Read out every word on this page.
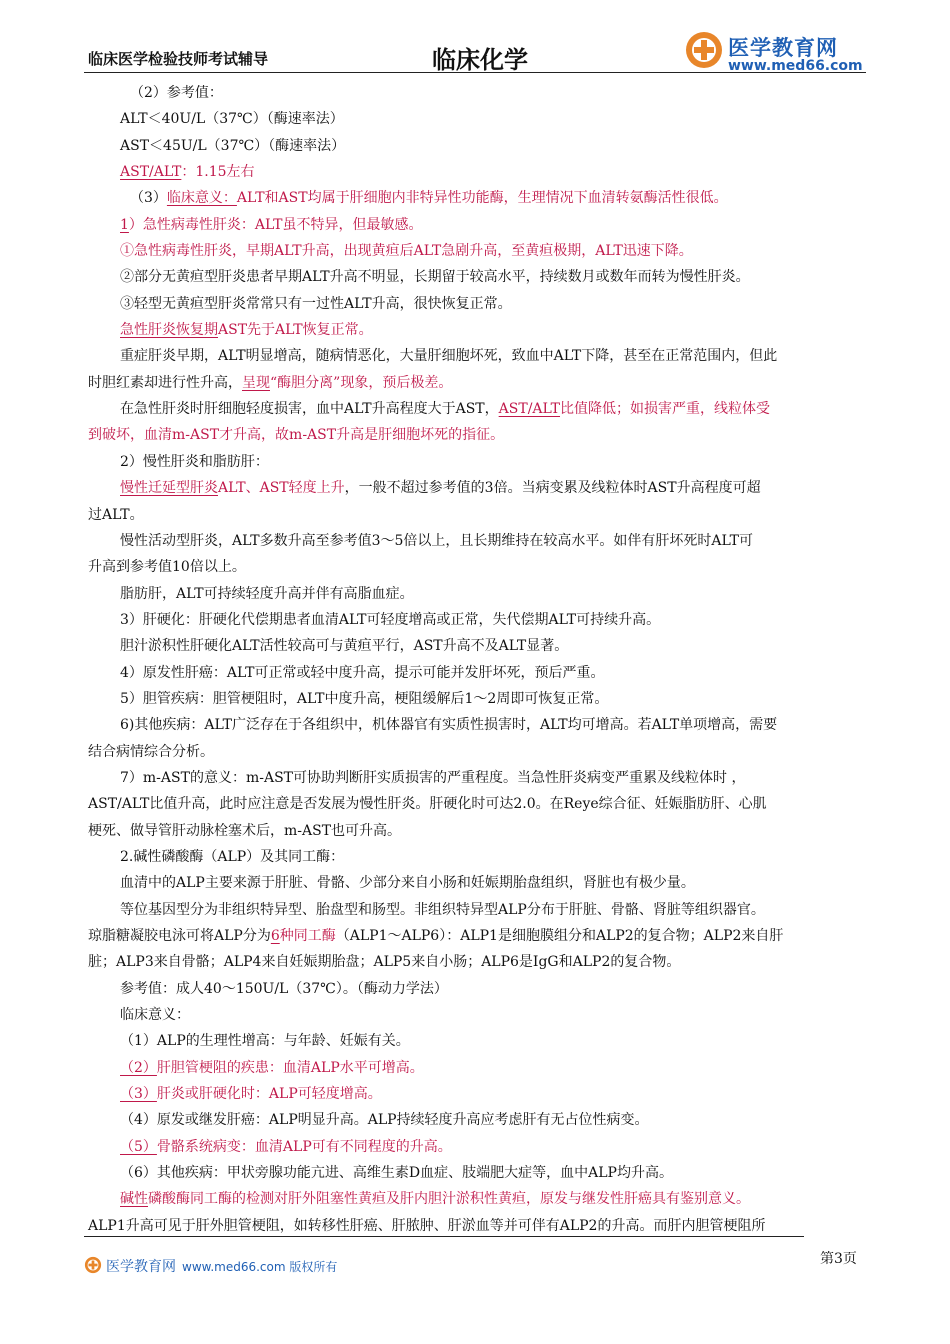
临床医学检验技师考试辅导	临床化学	医学教育网
www.med66.com
（2）参考值：
ALT＜40U/L（37℃）（酶速率法）
AST＜45U/L（37℃）（酶速率法）
AST/ALT：1.15左右
（3）临床意义：ALT和AST均属于肝细胞内非特异性功能酶，生理情况下血清转氨酶活性很低。
1）急性病毒性肝炎：ALT虽不特异，但最敏感。
①急性病毒性肝炎，早期ALT升高，出现黄疸后ALT急剧升高，至黄疸极期，ALT迅速下降。
②部分无黄疸型肝炎患者早期ALT升高不明显，长期留于较高水平，持续数月或数年而转为慢性肝炎。
③轻型无黄疸型肝炎常常只有一过性ALT升高，很快恢复正常。
急性肝炎恢复期AST先于ALT恢复正常。
重症肝炎早期，ALT明显增高，随病情恶化，大量肝细胞坏死，致血中ALT下降，甚至在正常范围内，但此
时胆红素却进行性升高，呈现“酶胆分离”现象，预后极差。
在急性肝炎时肝细胞轻度损害，血中ALT升高程度大于AST，AST/ALT比值降低；如损害严重，线粒体受
到破坏，血清m-AST才升高，故m-AST升高是肝细胞坏死的指征。
2）慢性肝炎和脂肪肝：
慢性迁延型肝炎ALT、AST轻度上升，一般不超过参考值的3倍。当病变累及线粒体时AST升高程度可超
过ALT。
慢性活动型肝炎，ALT多数升高至参考值3～5倍以上，且长期维持在较高水平。如伴有肝坏死时ALT可
升高到参考值10倍以上。
脂肪肝，ALT可持续轻度升高并伴有高脂血症。
3）肝硬化：肝硬化代偿期患者血清ALT可轻度增高或正常，失代偿期ALT可持续升高。
胆汁淤积性肝硬化ALT活性较高可与黄疸平行，AST升高不及ALT显著。
4）原发性肝癌：ALT可正常或轻中度升高，提示可能并发肝坏死，预后严重。
5）胆管疾病：胆管梗阻时，ALT中度升高，梗阻缓解后1～2周即可恢复正常。
6)其他疾病：ALT广泛存在于各组织中，机体器官有实质性损害时，ALT均可增高。若ALT单项增高，需要
结合病情综合分析。
7）m-AST的意义：m-AST可协助判断肝实质损害的严重程度。当急性肝炎病变严重累及线粒体时 ，
AST/ALT比值升高，此时应注意是否发展为慢性肝炎。肝硬化时可达2.0。在Reye综合征、妊娠脂肪肝、心肌
梗死、做导管肝动脉栓塞术后，m-AST也可升高。
2.碱性磷酸酶（ALP）及其同工酶：
血清中的ALP主要来源于肝脏、骨骼、少部分来自小肠和妊娠期胎盘组织，肾脏也有极少量。
等位基因型分为非组织特异型、胎盘型和肠型。非组织特异型ALP分布于肝脏、骨骼、肾脏等组织器官。
琼脂糖凝胶电泳可将ALP分为6种同工酶（ALP1～ALP6）：ALP1是细胞膜组分和ALP2的复合物；ALP2来自肝
脏；ALP3来自骨骼；ALP4来自妊娠期胎盘；ALP5来自小肠；ALP6是IgG和ALP2的复合物。
参考值：成人40～150U/L（37℃）。（酶动力学法）
临床意义：
（1）ALP的生理性增高：与年龄、妊娠有关。
（2）肝胆管梗阻的疾患：血清ALP水平可增高。
（3）肝炎或肝硬化时：ALP可轻度增高。
（4）原发或继发肝癌：ALP明显升高。ALP持续轻度升高应考虑肝有无占位性病变。
（5）骨骼系统病变：血清ALP可有不同程度的升高。
（6）其他疾病：甲状旁腺功能亢进、高维生素D血症、肢端肥大症等，血中ALP均升高。
碱性磷酸酶同工酶的检测对肝外阻塞性黄疸及肝内胆汁淤积性黄疸，原发与继发性肝癌具有鉴别意义。
ALP1升高可见于肝外胆管梗阻，如转移性肝癌、肝脓肿、肝淤血等并可伴有ALP2的升高。而肝内胆管梗阻所
医学教育网 www.med66.com 版权所有	第3页
